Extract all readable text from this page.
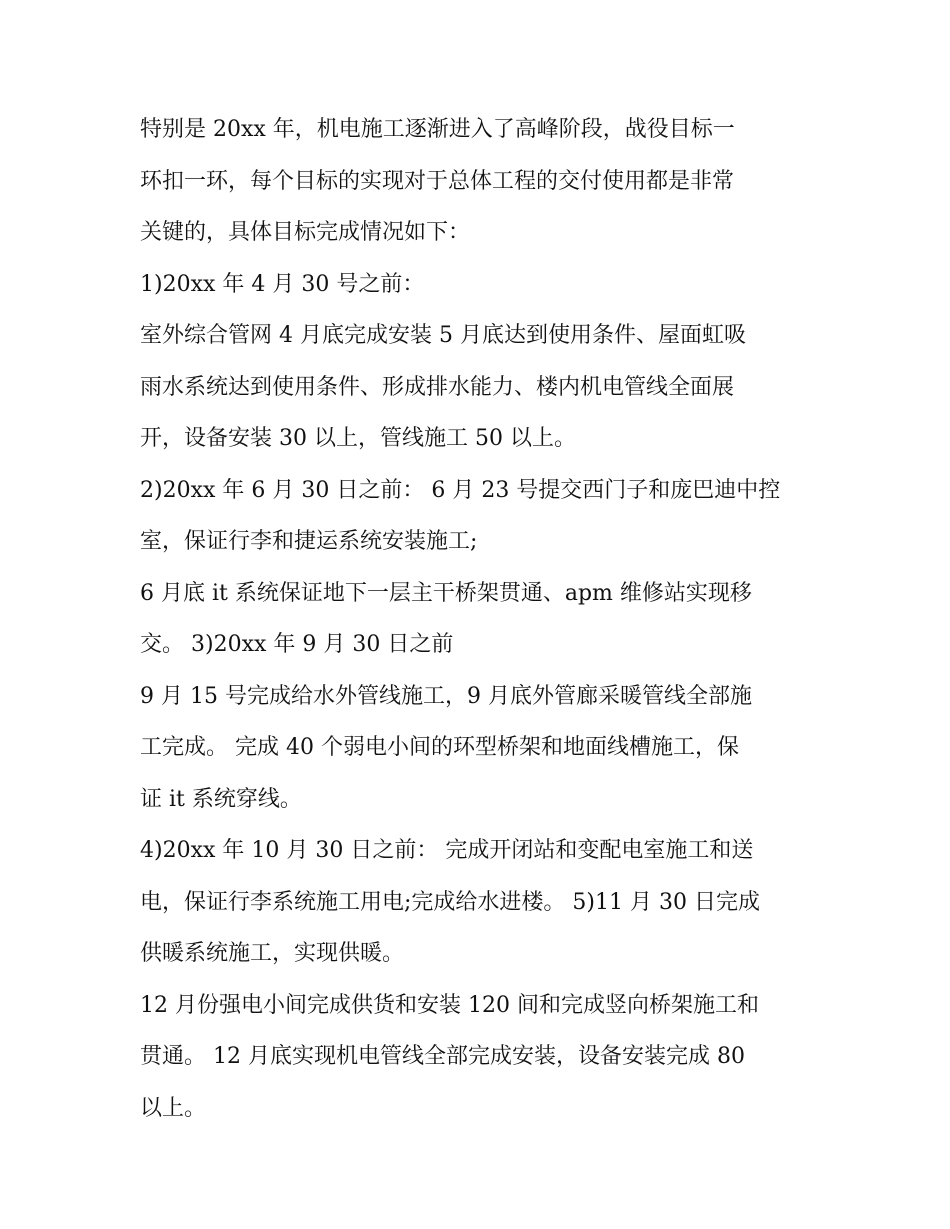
特别是 20xx 年，机电施工逐渐进入了高峰阶段，战役目标一
环扣一环，每个目标的实现对于总体工程的交付使用都是非常
关键的，具体目标完成情况如下：
1)20xx 年 4 月 30 号之前：
室外综合管网 4 月底完成安装 5 月底达到使用条件、屋面虹吸
雨水系统达到使用条件、形成排水能力、楼内机电管线全面展
开，设备安装 30 以上，管线施工 50 以上。
2)20xx 年 6 月 30 日之前： 6 月 23 号提交西门子和庞巴迪中控
室，保证行李和捷运系统安装施工;
6 月底 it 系统保证地下一层主干桥架贯通、apm 维修站实现移
交。 3)20xx 年 9 月 30 日之前
9 月 15 号完成给水外管线施工，9 月底外管廊采暖管线全部施
工完成。 完成 40 个弱电小间的环型桥架和地面线槽施工，保
证 it 系统穿线。
4)20xx 年 10 月 30 日之前： 完成开闭站和变配电室施工和送
电，保证行李系统施工用电;完成给水进楼。 5)11 月 30 日完成
供暖系统施工，实现供暖。
12 月份强电小间完成供货和安装 120 间和完成竖向桥架施工和
贯通。 12 月底实现机电管线全部完成安装，设备安装完成 80
以上。
